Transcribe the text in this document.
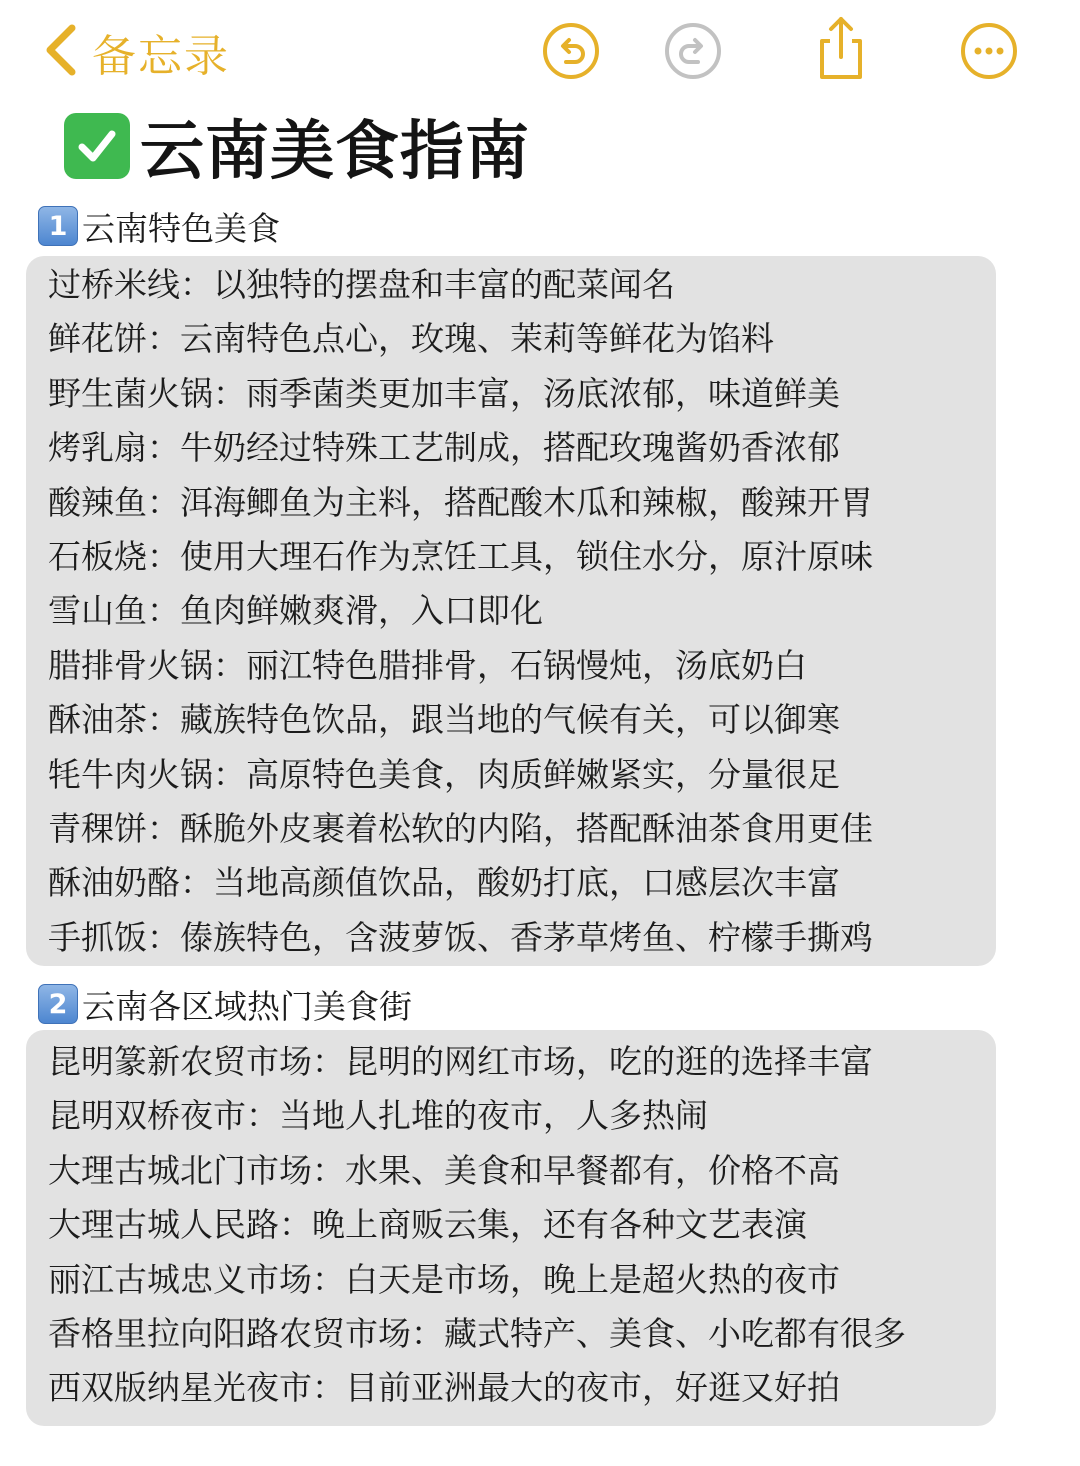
备忘录
云南美食指南
1 云南特色美食
过桥米线：以独特的摆盘和丰富的配菜闻名
鲜花饼：云南特色点心，玫瑰、茉莉等鲜花为馅料
野生菌火锅：雨季菌类更加丰富，汤底浓郁，味道鲜美
烤乳扇：牛奶经过特殊工艺制成，搭配玫瑰酱奶香浓郁
酸辣鱼：洱海鲫鱼为主料，搭配酸木瓜和辣椒，酸辣开胃
石板烧：使用大理石作为烹饪工具，锁住水分，原汁原味
雪山鱼：鱼肉鲜嫩爽滑，入口即化
腊排骨火锅：丽江特色腊排骨，石锅慢炖，汤底奶白
酥油茶：藏族特色饮品，跟当地的气候有关，可以御寒
牦牛肉火锅：高原特色美食，肉质鲜嫩紧实，分量很足
青稞饼：酥脆外皮裹着松软的内陷，搭配酥油茶食用更佳
酥油奶酪：当地高颜值饮品，酸奶打底，口感层次丰富
手抓饭：傣族特色，含菠萝饭、香茅草烤鱼、柠檬手撕鸡
2 云南各区域热门美食街
昆明篆新农贸市场：昆明的网红市场，吃的逛的选择丰富
昆明双桥夜市：当地人扎堆的夜市，人多热闹
大理古城北门市场：水果、美食和早餐都有，价格不高
大理古城人民路：晚上商贩云集，还有各种文艺表演
丽江古城忠义市场：白天是市场，晚上是超火热的夜市
香格里拉向阳路农贸市场：藏式特产、美食、小吃都有很多
西双版纳星光夜市：目前亚洲最大的夜市，好逛又好拍
